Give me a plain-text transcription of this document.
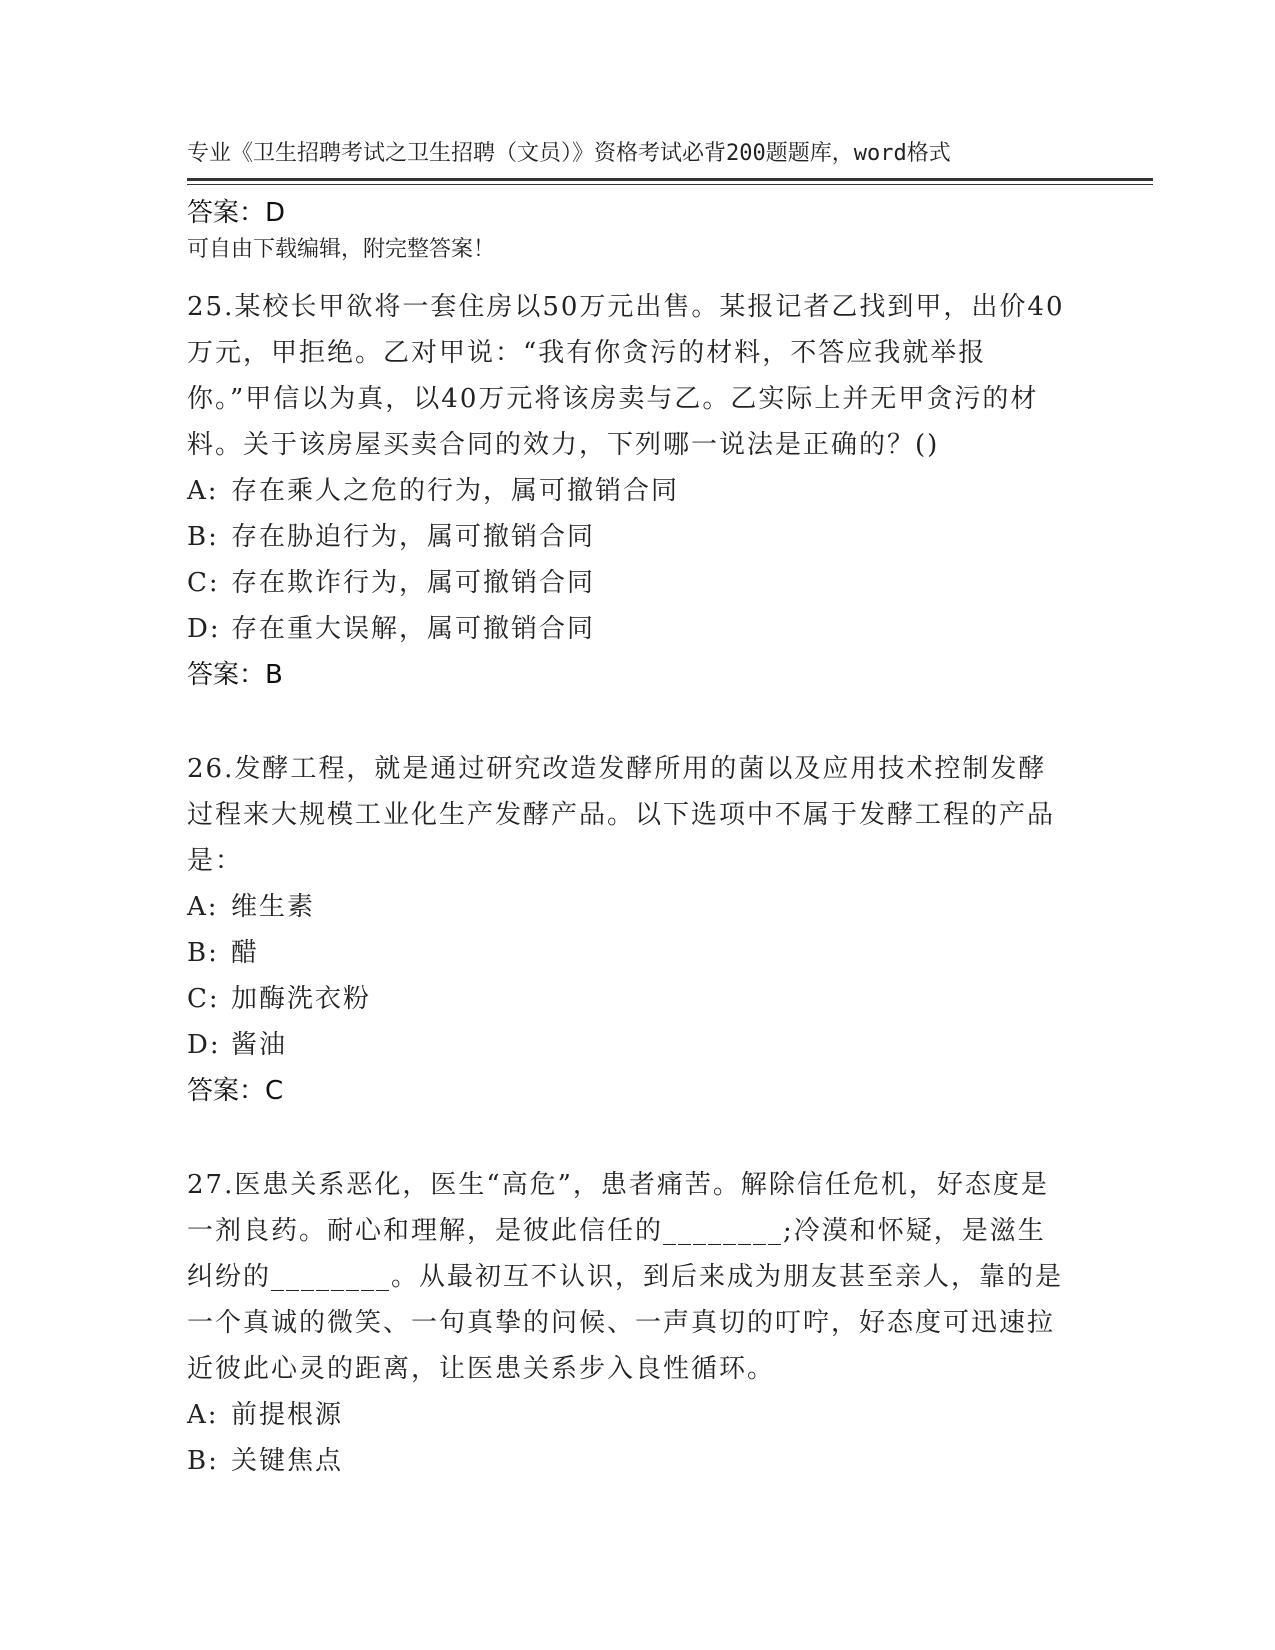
专业《卫生招聘考试之卫生招聘（文员）》资格考试必背200题题库，word格式

可自由下载编辑，附完整答案！

答案：D
25.某校长甲欲将一套住房以50万元出售。某报记者乙找到甲，出价40万元，甲拒绝。乙对甲说：“我有你贪污的材料，不答应我就举报你。”甲信以为真，以40万元将该房卖与乙。乙实际上并无甲贪污的材料。关于该房屋买卖合同的效力，下列哪一说法是正确的？()
A: 存在乘人之危的行为，属可撤销合同
B: 存在胁迫行为，属可撤销合同
C: 存在欺诈行为，属可撤销合同
D: 存在重大误解，属可撤销合同
答案：B
26.发酵工程，就是通过研究改造发酵所用的菌以及应用技术控制发酵过程来大规模工业化生产发酵产品。以下选项中不属于发酵工程的产品是：
A: 维生素
B: 醋
C: 加酶洗衣粉
D: 酱油
答案：C
27.医患关系恶化，医生“高危”，患者痛苦。解除信任危机，好态度是一剂良药。耐心和理解，是彼此信任的________;冷漠和怀疑，是滋生纠纷的________。从最初互不认识，到后来成为朋友甚至亲人，靠的是一个真诚的微笑、一句真挚的问候、一声真切的叮咛，好态度可迅速拉近彼此心灵的距离，让医患关系步入良性循环。
A: 前提根源
B: 关键焦点
